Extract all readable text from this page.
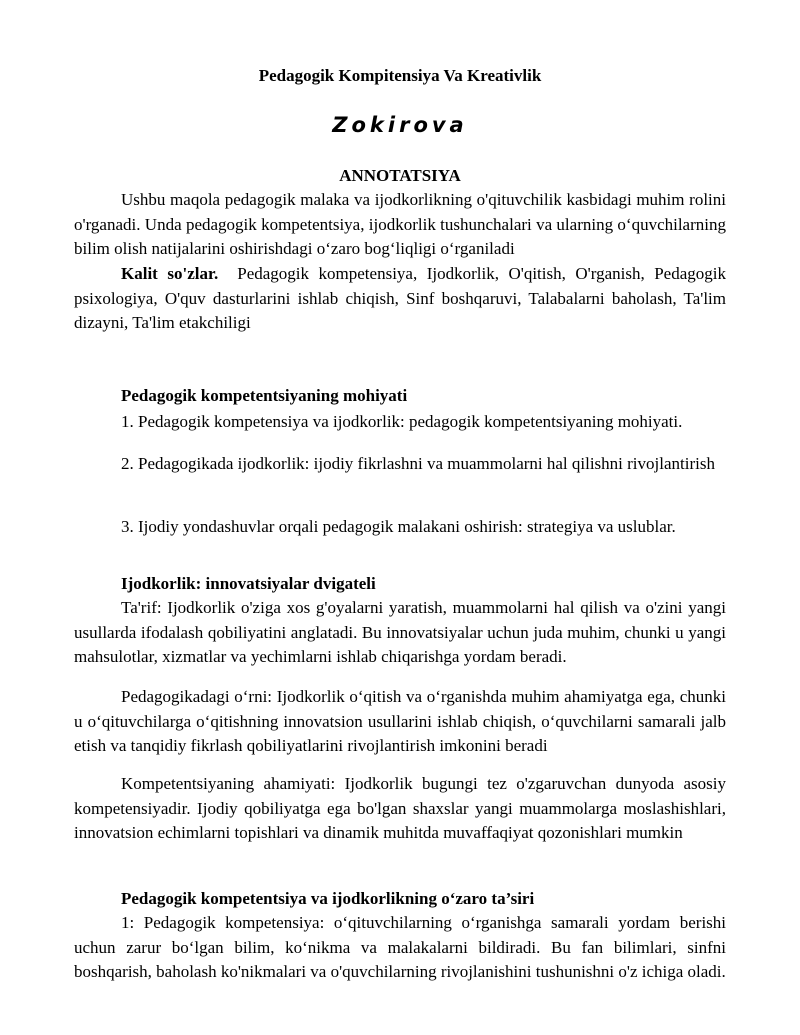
Pedagogik Kompitensiya Va Kreativlik
Zokirova
ANNOTATSIYA
Ushbu maqola pedagogik malaka va ijodkorlikning o'qituvchilik kasbidagi muhim rolini o'rganadi. Unda pedagogik kompetentsiya, ijodkorlik tushunchalari va ularning o‘quvchilarning bilim olish natijalarini oshirishdagi o‘zaro bog‘liqligi o‘rganiladi
Kalit so'zlar. Pedagogik kompetensiya, Ijodkorlik, O'qitish, O'rganish, Pedagogik psixologiya, O'quv dasturlarini ishlab chiqish, Sinf boshqaruvi, Talabalarni baholash, Ta'lim dizayni, Ta'lim etakchiligi
Pedagogik kompetentsiyaning mohiyati
1. Pedagogik kompetensiya va ijodkorlik: pedagogik kompetentsiyaning mohiyati.
2. Pedagogikada ijodkorlik: ijodiy fikrlashni va muammolarni hal qilishni rivojlantirish
3. Ijodiy yondashuvlar orqali pedagogik malakani oshirish: strategiya va uslublar.
Ijodkorlik: innovatsiyalar dvigateli
Ta'rif: Ijodkorlik o'ziga xos g'oyalarni yaratish, muammolarni hal qilish va o'zini yangi usullarda ifodalash qobiliyatini anglatadi. Bu innovatsiyalar uchun juda muhim, chunki u yangi mahsulotlar, xizmatlar va yechimlarni ishlab chiqarishga yordam beradi.
Pedagogikadagi o‘rni: Ijodkorlik o‘qitish va o‘rganishda muhim ahamiyatga ega, chunki u o‘qituvchilarga o‘qitishning innovatsion usullarini ishlab chiqish, o‘quvchilarni samarali jalb etish va tanqidiy fikrlash qobiliyatlarini rivojlantirish imkonini beradi
Kompetentsiyaning ahamiyati: Ijodkorlik bugungi tez o'zgaruvchan dunyoda asosiy kompetensiyadir. Ijodiy qobiliyatga ega bo'lgan shaxslar yangi muammolarga moslashishlari, innovatsion echimlarni topishlari va dinamik muhitda muvaffaqiyat qozonishlari mumkin
Pedagogik kompetentsiya va ijodkorlikning o‘zaro ta’siri
1: Pedagogik kompetensiya: o‘qituvchilarning o‘rganishga samarali yordam berishi uchun zarur bo‘lgan bilim, ko‘nikma va malakalarni bildiradi. Bu fan bilimlari, sinfni boshqarish, baholash ko'nikmalari va o'quvchilarning rivojlanishini tushunishni o'z ichiga oladi.
